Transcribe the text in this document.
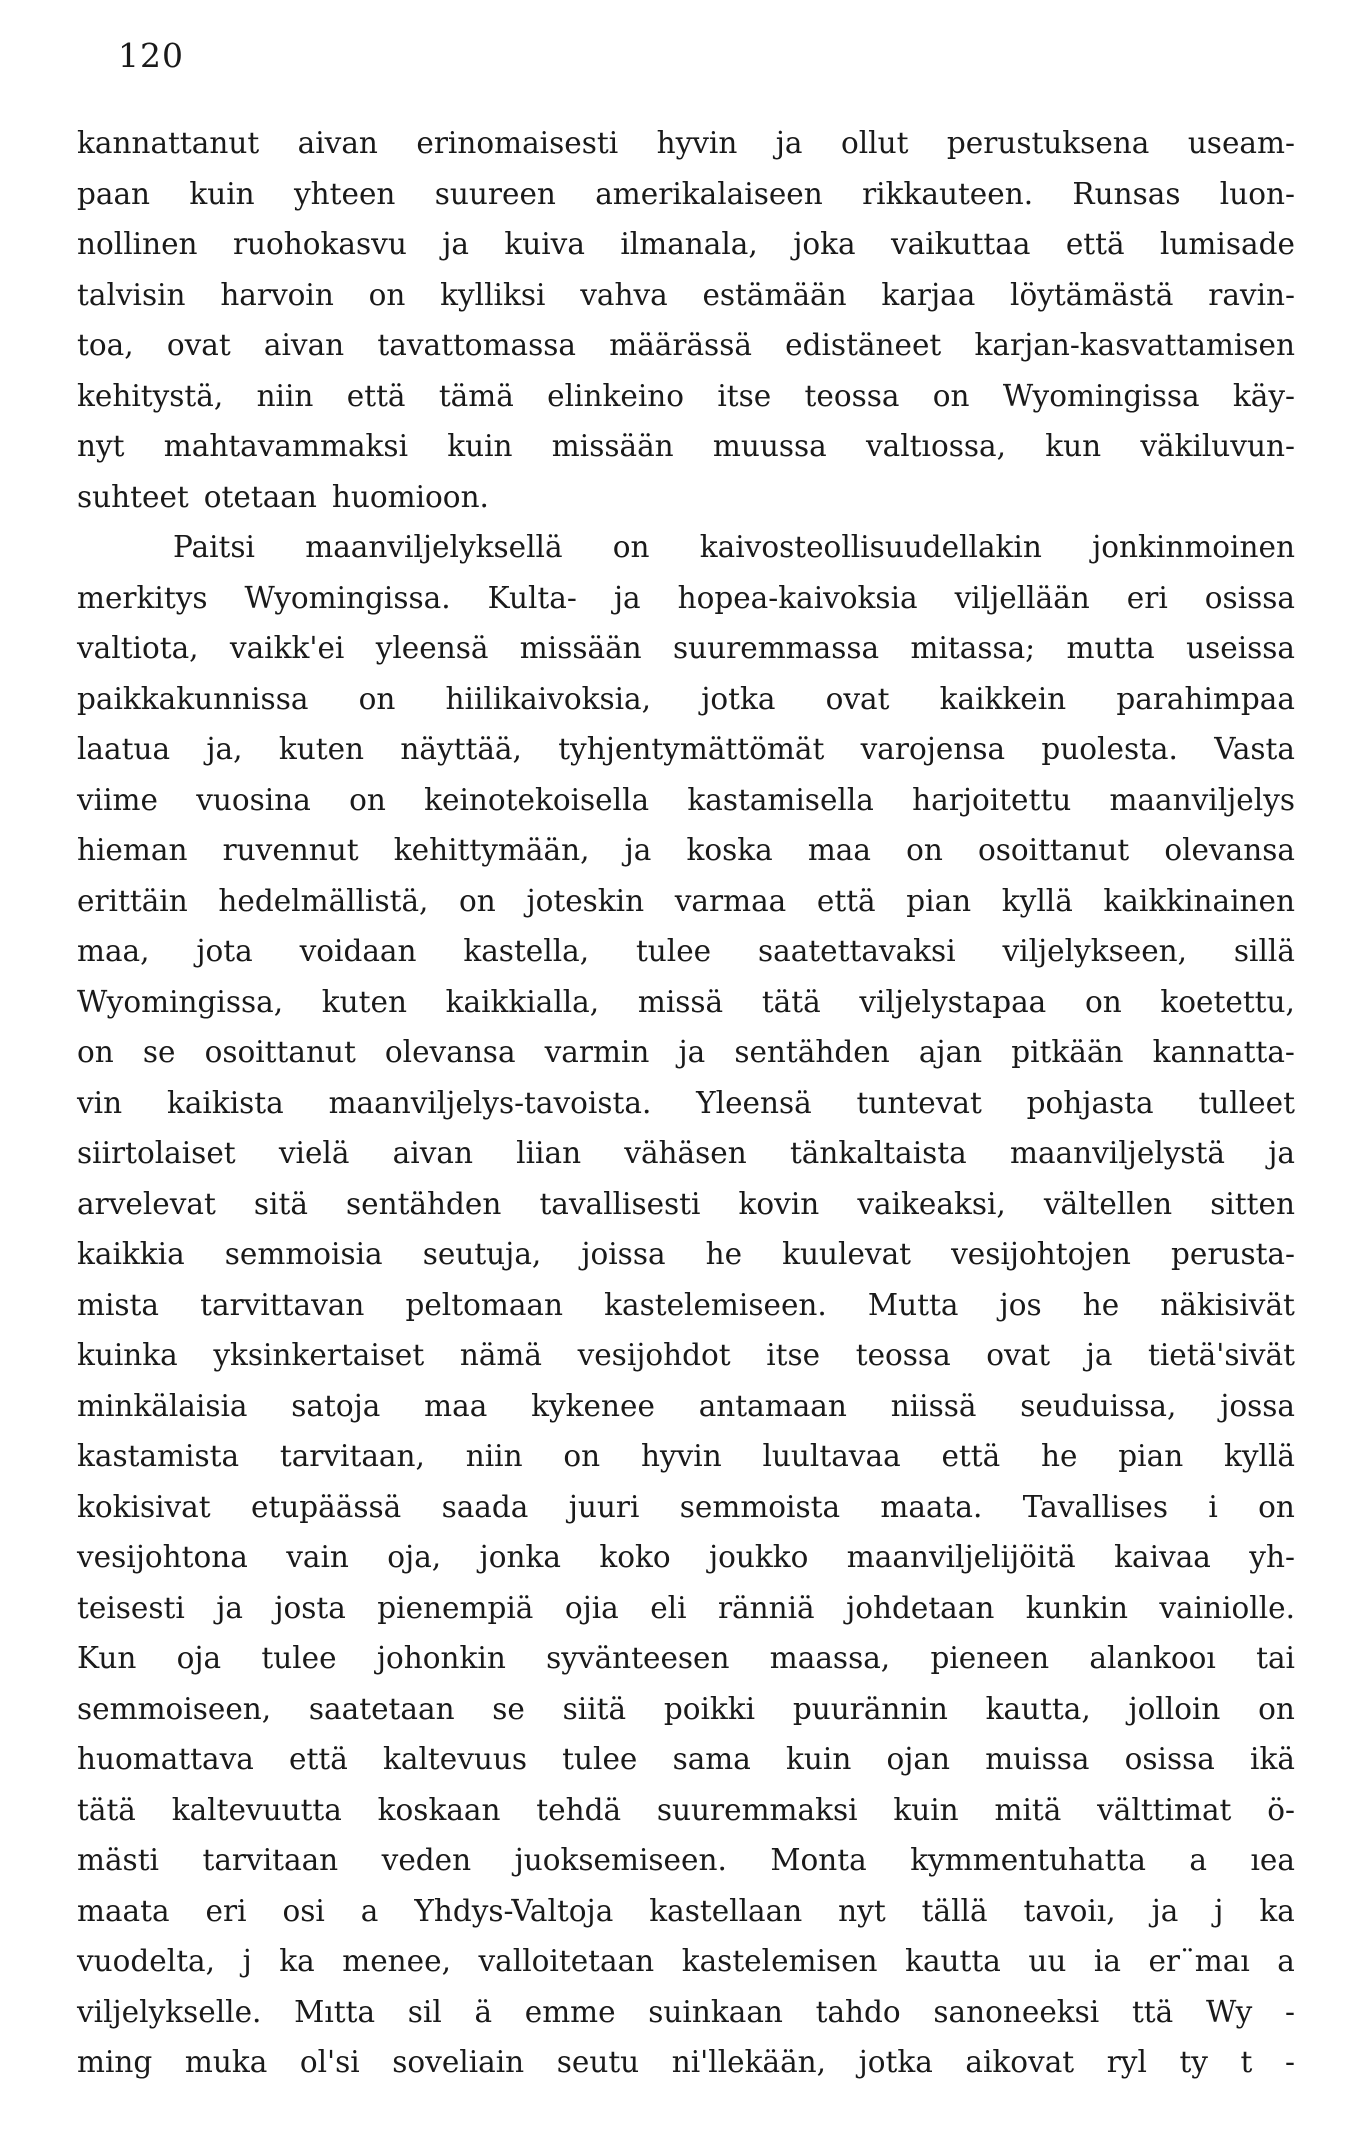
120
kannattanut aivan erinomaisesti hyvin ja ollut perustuksena useam-
paan kuin yhteen suureen amerikalaiseen rikkauteen. Runsas luon-
nollinen ruohokasvu ja kuiva ilmanala, joka vaikuttaa että lumisade
talvisin harvoin on kylliksi vahva estämään karjaa löytämästä ravin-
toa, ovat aivan tavattomassa määrässä edistäneet karjan-kasvattamisen
kehitystä, niin että tämä elinkeino itse teossa on Wyomingissa käy-
nyt mahtavammaksi kuin missään muussa valtıossa, kun väkiluvun-
suhteet otetaan huomioon.
Paitsi maanviljelyksellä on kaivosteollisuudellakin jonkinmoinen
merkitys Wyomingissa. Kulta- ja hopea-kaivoksia viljellään eri osissa
valtiota, vaikk'ei yleensä missään suuremmassa mitassa; mutta useissa
paikkakunnissa on hiilikaivoksia, jotka ovat kaikkein parahimpaa
laatua ja, kuten näyttää, tyhjentymättömät varojensa puolesta. Vasta
viime vuosina on keinotekoisella kastamisella harjoitettu maanviljelys
hieman ruvennut kehittymään, ja koska maa on osoittanut olevansa
erittäin hedelmällistä, on joteskin varmaa että pian kyllä kaikkinainen
maa, jota voidaan kastella, tulee saatettavaksi viljelykseen, sillä
Wyomingissa, kuten kaikkialla, missä tätä viljelystapaa on koetettu,
on se osoittanut olevansa varmin ja sentähden ajan pitkään kannatta-
vin kaikista maanviljelys-tavoista. Yleensä tuntevat pohjasta tulleet
siirtolaiset vielä aivan liian vähäsen tänkaltaista maanviljelystä ja
arvelevat sitä sentähden tavallisesti kovin vaikeaksi, vältellen sitten
kaikkia semmoisia seutuja, joissa he kuulevat vesijohtojen perusta-
mista tarvittavan peltomaan kastelemiseen. Mutta jos he näkisivät
kuinka yksinkertaiset nämä vesijohdot itse teossa ovat ja tietä'sivät
minkälaisia satoja maa kykenee antamaan niissä seuduissa, jossa
kastamista tarvitaan, niin on hyvin luultavaa että he pian kyllä
kokisivat etupäässä saada juuri semmoista maata. Tavallises i on
vesijohtona vain oja, jonka koko joukko maanviljelijöitä kaivaa yh-
teisesti ja josta pienempiä ojia eli ränniä johdetaan kunkin vainiolle.
Kun oja tulee johonkin syvänteesen maassa, pieneen alankooı tai
semmoiseen, saatetaan se siitä poikki puurännin kautta, jolloin on
huomattava että kaltevuus tulee sama kuin ojan muissa osissa ikä
tätä kaltevuutta koskaan tehdä suuremmaksi kuin mitä välttimat ö-
mästi tarvitaan veden juoksemiseen. Monta kymmentuhatta a ıea
maata eri osi a Yhdys-Valtoja kastellaan nyt tällä tavoiı, ja j ka
vuodelta, j ka menee, valloitetaan kastelemisen kautta uu ia er¨maı a
viljelykselle. Mıtta sil ä emme suinkaan tahdo sanoneeksi ttä Wy -
ming muka ol'si soveliain seutu ni'llekään, jotka aikovat ryl ty t -
